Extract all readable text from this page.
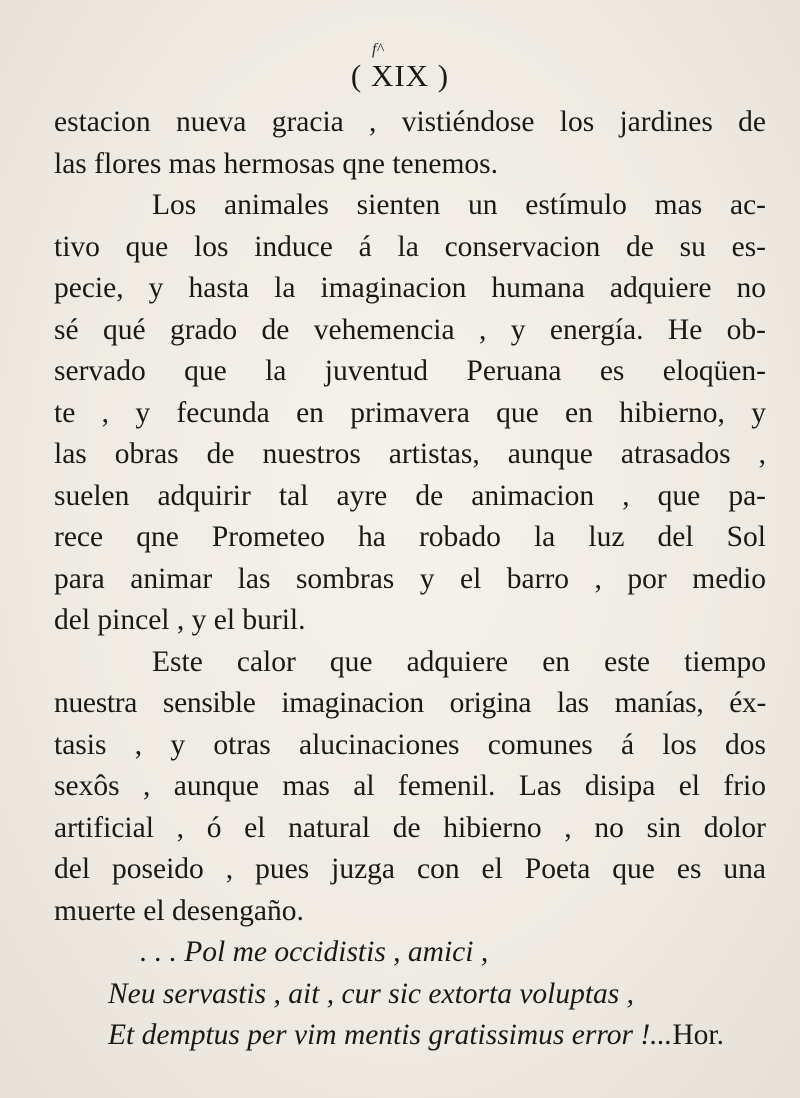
f^
( XIX )
estacion nueva gracia , vistiéndose los jardines de
las flores mas hermosas qne tenemos.
Los animales sienten un estímulo mas ac-
tivo que los induce á la conservacion de su es-
pecie, y hasta la imaginacion humana adquiere no
sé qué grado de vehemencia , y energía. He ob-
servado que la juventud Peruana es eloqüen-
te , y fecunda en primavera que en hibierno, y
las obras de nuestros artistas, aunque atrasados ,
suelen adquirir tal ayre de animacion , que pa-
rece qne Prometeo ha robado la luz del Sol
para animar las sombras y el barro , por medio
del pincel , y el buril.
Este calor que adquiere en este tiempo
nuestra sensible imaginacion origina las manías, éx-
tasis , y otras alucinaciones comunes á los dos
sexôs , aunque mas al femenil. Las disipa el frio
artificial , ó el natural de hibierno , no sin dolor
del poseido , pues juzga con el Poeta que es una
muerte el desengaño.
. . . Pol me occidistis , amici ,
Neu servastis , ait , cur sic extorta voluptas ,
Et demptus per vim mentis gratissimus error !...Hor.
